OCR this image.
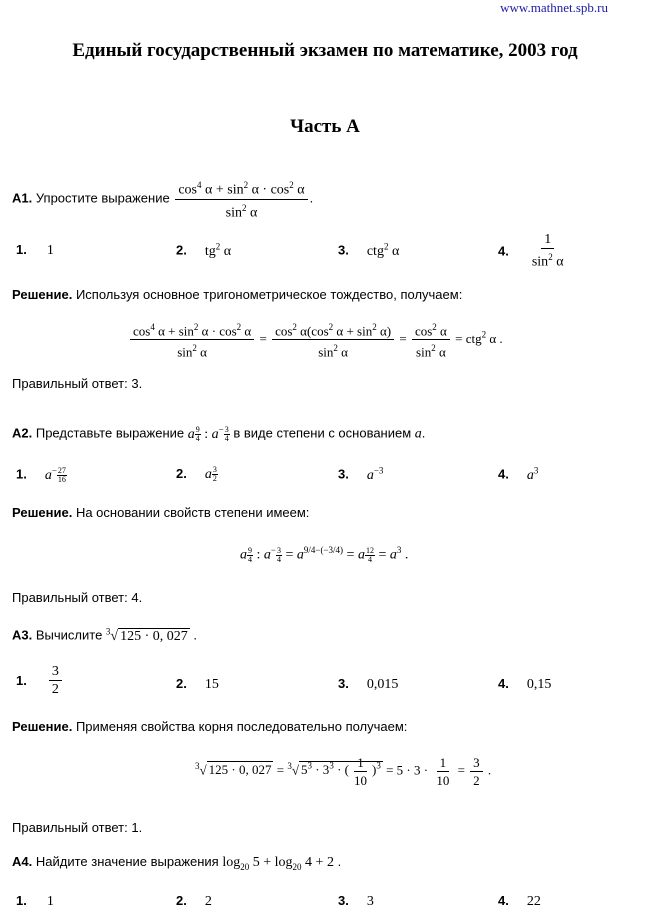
www.mathnet.spb.ru
Единый государственный экзамен по математике, 2003 год
Часть А
А1. Упростите выражение $\frac{\cos^4 \alpha + \sin^2 \alpha \cdot \cos^2 \alpha}{\sin^2 \alpha}$ .
1. 1	2. $tg^2$ α	3. ctg$^2$ α	4. $\frac{1}{\sin^2 \alpha}$
Решение. Используя основное тригонометрическое тождество, получаем:
$\frac{\cos^4 \alpha + \sin^2 \alpha \cdot \cos^2 \alpha}{\sin^2 \alpha} = \frac{\cos^2 \alpha(\cos^2 \alpha + \sin^2 \alpha)}{\sin^2 \alpha} = \frac{\cos^2 \alpha}{\sin^2 \alpha} = ctg^2$ α .
Правильный ответ: 3.
А2. Представьте выражение a $\frac{9}{4}$ : $a^- \frac{3}{4}$ в виде степени с основанием a.
1. $a^- \frac{27}{16}$	2. a $\frac{3}{2}$	3. $a^{-3}$	4. $a^3$
Решение. На основании свойств степени имеем:
a $\frac{9}{4}$ : $a^- \frac{3}{4} = a^{9/4-(-3/4)} = a \frac{12}{4} = a^3$ .
Правильный ответ: 4.
А3. Вычислите $^3$√ 125 · 0, 027 .
1. $\frac{3}{2}$	2. 15	3. 0,015	4. 0,15
Решение. Применяя свойства корня последовательно получаем:
$^3$√ 125 · 0, 027 = $^3$√ $5^3 \cdot 3^3$ · ( $\frac{1}{10} )^3 = 5 \cdot 3 \cdot \frac{1}{10} = \frac{3}{2}$ .
Правильный ответ: 1.
А4. Найдите значение выражения $\log_{20} 5 + \log_{20} 4 + 2$ .
1. 1	2. 2	3. 3	4. 22
